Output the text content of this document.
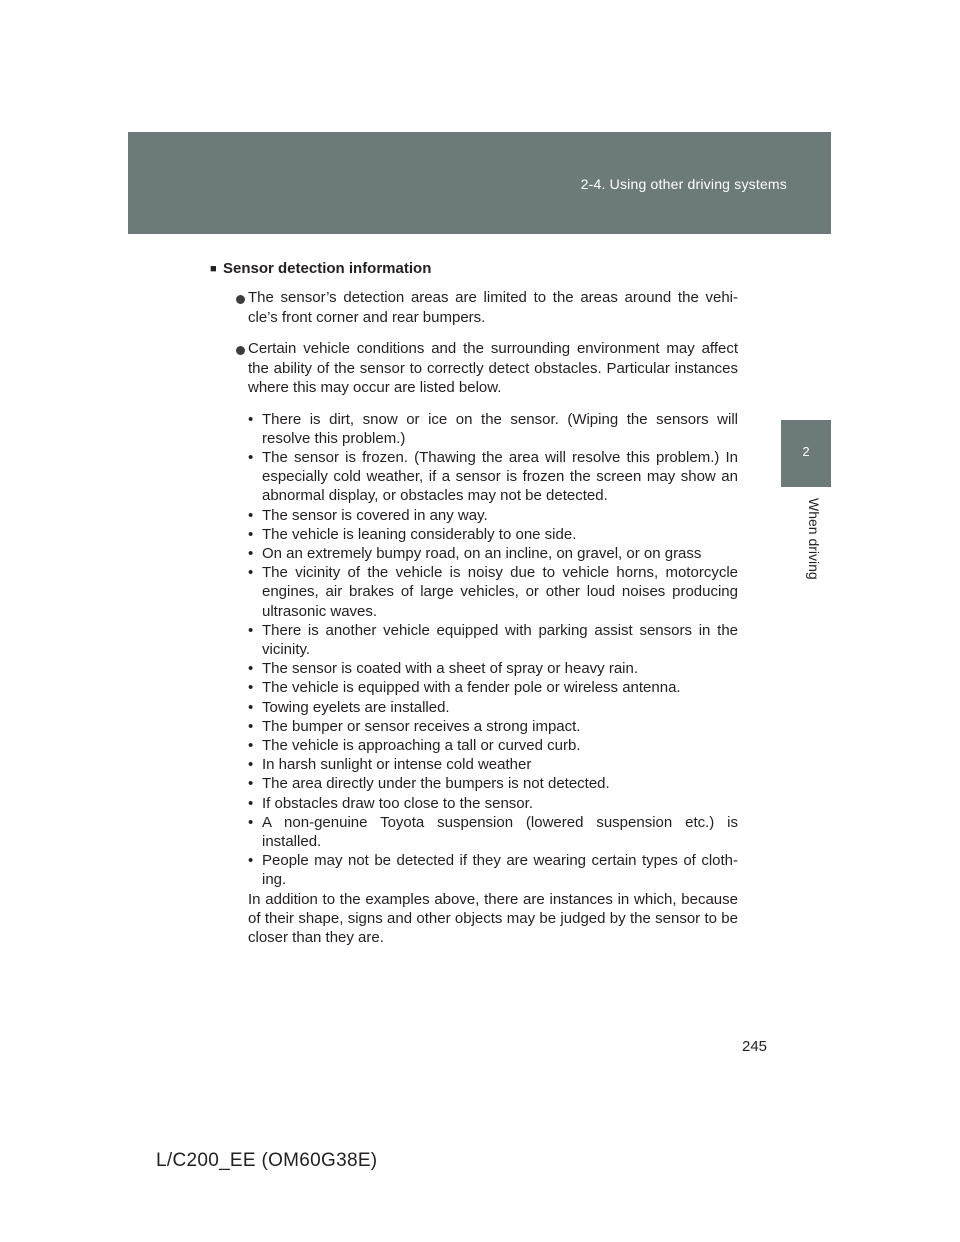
2-4. Using other driving systems
2
When driving
■ Sensor detection information
The sensor’s detection areas are limited to the areas around the vehi-cle’s front corner and rear bumpers.
Certain vehicle conditions and the surrounding environment may affect the ability of the sensor to correctly detect obstacles. Particular instances where this may occur are listed below.
• There is dirt, snow or ice on the sensor. (Wiping the sensors will resolve this problem.)
• The sensor is frozen. (Thawing the area will resolve this problem.) In especially cold weather, if a sensor is frozen the screen may show an abnormal display, or obstacles may not be detected.
• The sensor is covered in any way.
• The vehicle is leaning considerably to one side.
• On an extremely bumpy road, on an incline, on gravel, or on grass
• The vicinity of the vehicle is noisy due to vehicle horns, motorcycle engines, air brakes of large vehicles, or other loud noises producing ultrasonic waves.
• There is another vehicle equipped with parking assist sensors in the vicinity.
• The sensor is coated with a sheet of spray or heavy rain.
• The vehicle is equipped with a fender pole or wireless antenna.
• Towing eyelets are installed.
• The bumper or sensor receives a strong impact.
• The vehicle is approaching a tall or curved curb.
• In harsh sunlight or intense cold weather
• The area directly under the bumpers is not detected.
• If obstacles draw too close to the sensor.
• A non-genuine Toyota suspension (lowered suspension etc.) is installed.
• People may not be detected if they are wearing certain types of cloth-ing.
In addition to the examples above, there are instances in which, because of their shape, signs and other objects may be judged by the sensor to be closer than they are.
245
L/C200_EE (OM60G38E)
